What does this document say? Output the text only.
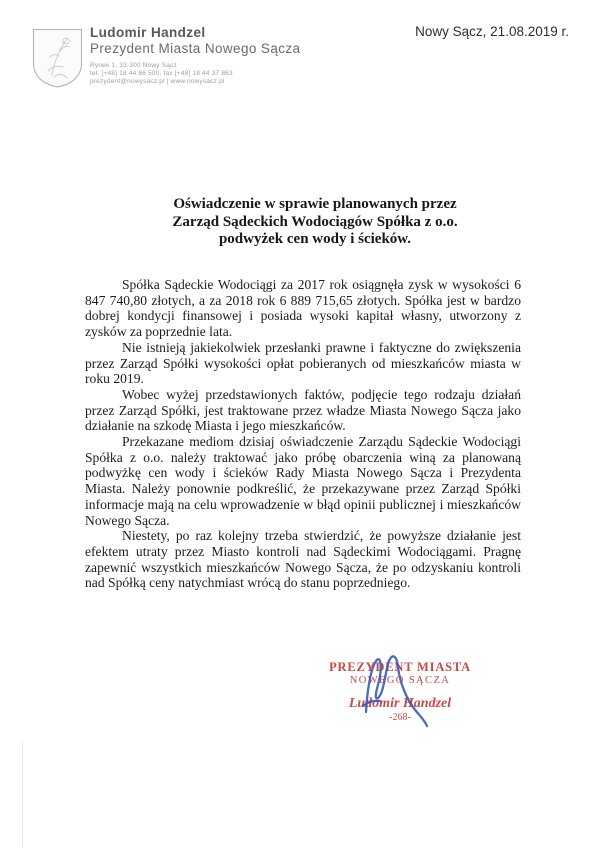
Ludomir Handzel
Prezydent Miasta Nowego Sącza
Rynek 1, 33-300 Nowy Sącz
tel. [+48] 18 44 86 500, fax [+48] 18 44 37 863
prezydent@nowysacz.pl | www.nowysacz.pl
Nowy Sącz, 21.08.2019 r.
Oświadczenie w sprawie planowanych przez
Zarząd Sądeckich Wodociągów Spółka z o.o.
podwyżek cen wody i ścieków.

Spółka Sądeckie Wodociągi za 2017 rok osiągnęła zysk w wysokości 6 847 740,80 złotych, a za 2018 rok 6 889 715,65 złotych. Spółka jest w bardzo dobrej kondycji finansowej i posiada wysoki kapitał własny, utworzony z zysków za poprzednie lata.

Nie istnieją jakiekolwiek przesłanki prawne i faktyczne do zwiększenia przez Zarząd Spółki wysokości opłat pobieranych od mieszkańców miasta w roku 2019.

Wobec wyżej przedstawionych faktów, podjęcie tego rodzaju działań przez Zarząd Spółki, jest traktowane przez władze Miasta Nowego Sącza jako działanie na szkodę Miasta i jego mieszkańców.

Przekazane mediom dzisiaj oświadczenie Zarządu Sądeckie Wodociągi Spółka z o.o. należy traktować jako próbę obarczenia winą za planowaną podwyżkę cen wody i ścieków Rady Miasta Nowego Sącza i Prezydenta Miasta. Należy ponownie podkreślić, że przekazywane przez Zarząd Spółki informacje mają na celu wprowadzenie w błąd opinii publicznej i mieszkańców Nowego Sącza.

Niestety, po raz kolejny trzeba stwierdzić, że powyższe działanie jest efektem utraty przez Miasto kontroli nad Sądeckimi Wodociągami. Pragnę zapewnić wszystkich mieszkańców Nowego Sącza, że po odzyskaniu kontroli nad Spółką ceny natychmiast wrócą do stanu poprzedniego.

PREZYDENT MIASTA
NOWEGO SĄCZA
Ludomir Handzel
-268-
